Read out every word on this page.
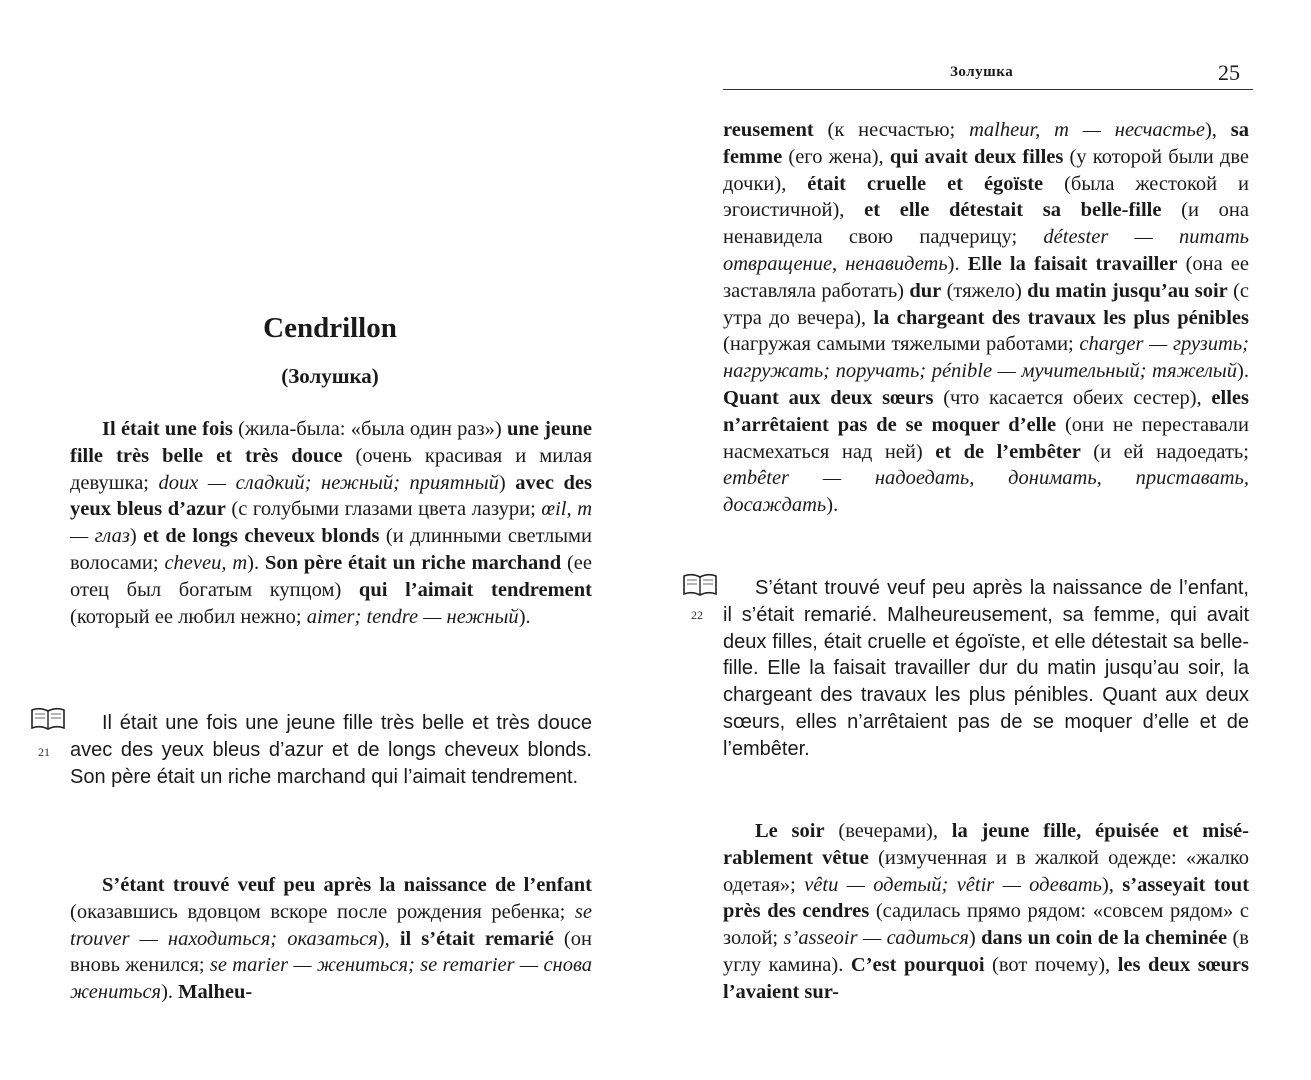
Cendrillon
(Золушка)

Il était une fois (жила-была: «была один раз») une jeune fille très belle et très douce (очень красивая и милая девушка; doux — сладкий; нежный; приятный) avec des yeux bleus d’azur (с голубыми глазами цвета лазури; œil, m — глаз) et de longs cheveux blonds (и длинными светлыми волосами; cheveu, m). Son père était un riche marchand (ее отец был богатым купцом) qui l’aimait tendrement (который ее любил нежно; aimer; tendre — нежный).

21

Il était une fois une jeune fille très belle et très douce avec des yeux bleus d’azur et de longs cheveux blonds. Son père était un riche marchand qui l’aimait tendrement.

S’étant trouvé veuf peu après la naissance de l’enfant (оказавшись вдовцом вскоре после рождения ребенка; se trouver — находиться; оказаться), il s’était remarié (он вновь женился; se marier — жениться; se remarier — снова жениться). Malheu-

Золушка	25

reusement (к несчастью; malheur, m — несчастье), sa femme (его жена), qui avait deux filles (у которой были две дочки), était cruelle et égoïste (была жестокой и эгоистичной), et elle détestait sa belle-fille (и она ненавидела свою падчерицу; détester — питать отвращение, ненавидеть). Elle la faisait travailler (она ее заставляла работать) dur (тяжело) du matin jusqu’au soir (с утра до вечера), la chargeant des travaux les plus pénibles (нагружая самыми тяжелыми работами; charger — грузить; нагружать; поручать; pénible — мучительный; тяжелый). Quant aux deux sœurs (что касается обеих сестер), elles n’arrêtaient pas de se moquer d’elle (они не переставали насмехаться над ней) et de l’embêter (и ей надоедать; embêter — надоедать, донимать, приставать, досаждать).

22

S’étant trouvé veuf peu après la naissance de l’enfant, il s’était remarié. Malheureusement, sa femme, qui avait deux filles, était cruelle et égoïste, et elle détestait sa belle-fille. Elle la faisait travailler dur du matin jusqu’au soir, la chargeant des travaux les plus pénibles. Quant aux deux sœurs, elles n’arrêtaient pas de se moquer d’elle et de l’embêter.

Le soir (вечерами), la jeune fille, épuisée et misérablement vêtue (измученная и в жалкой одежде: «жалко одетая»; vêtu — одетый; vêtir — одевать), s’asseyait tout près des cendres (садилась прямо рядом: «совсем рядом» с золой; s’asseoir — садиться) dans un coin de la cheminée (в углу камина). C’est pourquoi (вот почему), les deux sœurs l’avaient sur-
